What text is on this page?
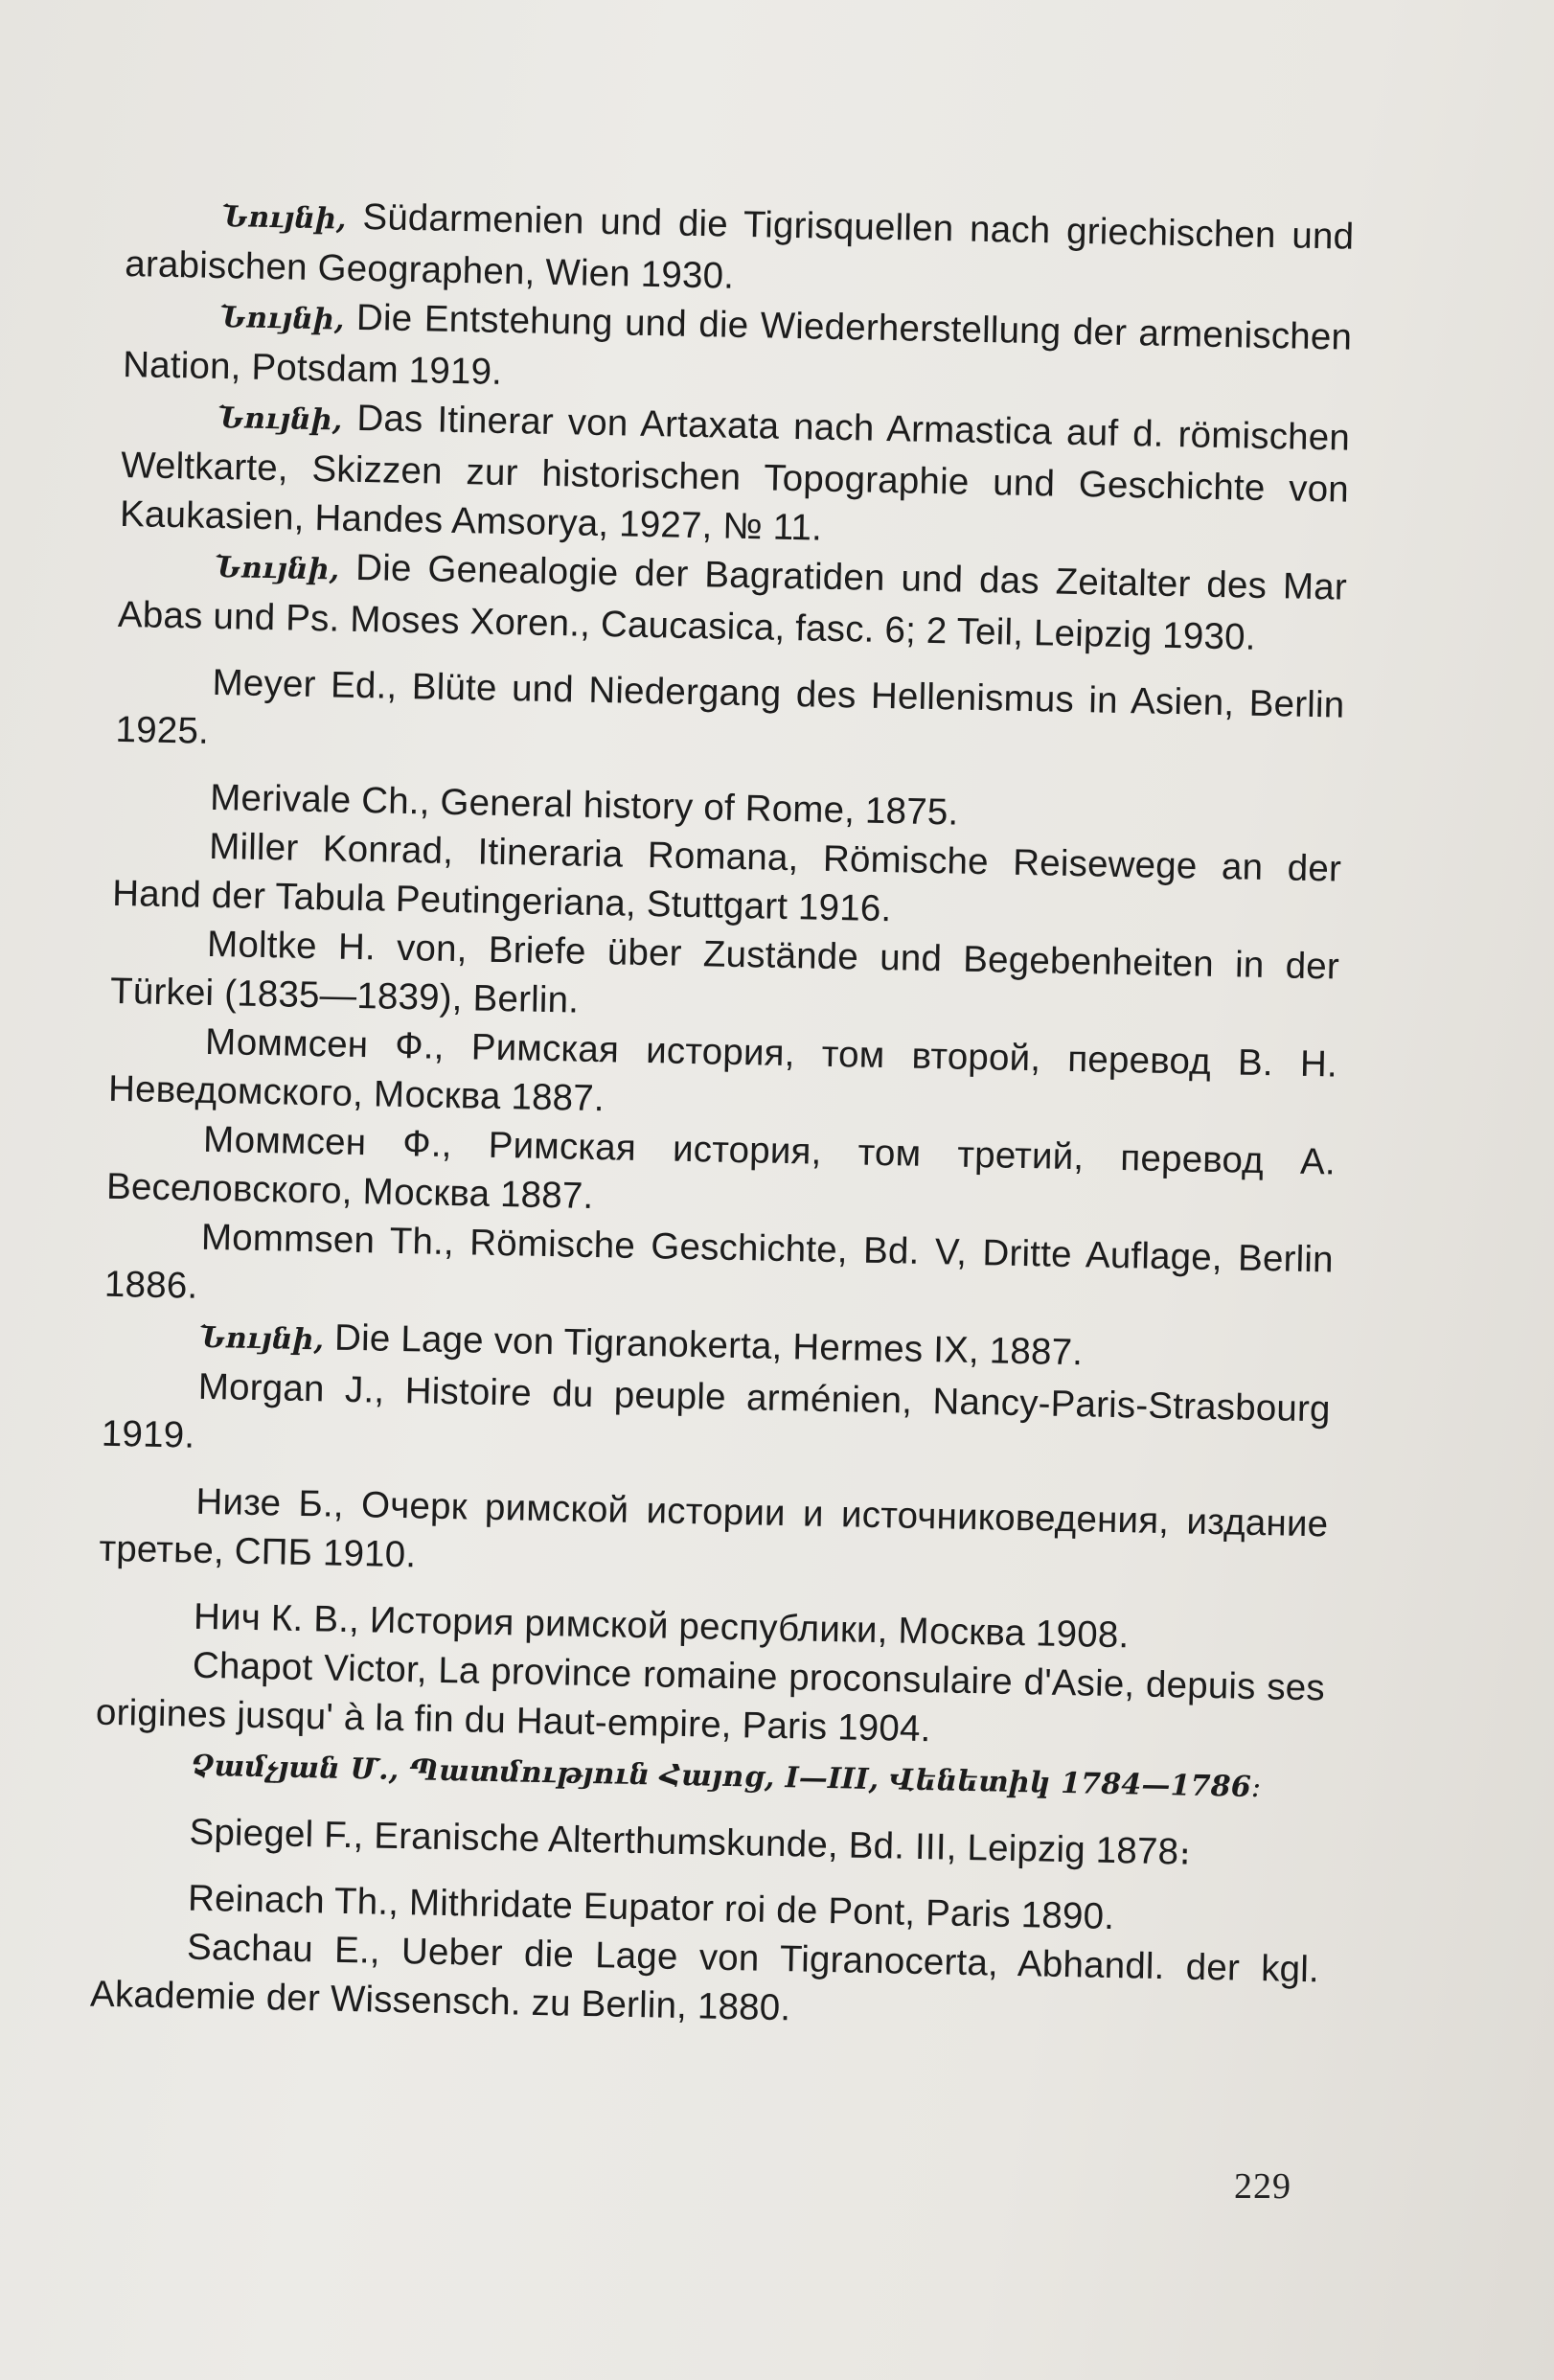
Նույնի, Südarmenien und die Tigrisquellen nach griechischen und arabischen Geographen, Wien 1930.

Նույնի, Die Entstehung und die Wiederherstellung der armenischen Nation, Potsdam 1919.

Նույնի, Das Itinerar von Artaxata nach Armastica auf d. römischen Weltkarte, Skizzen zur historischen Topographie und Geschichte von Kaukasien, Handes Amsorya, 1927, № 11.

Նույնի, Die Genealogie der Bagratiden und das Zeitalter des Mar Abas und Ps. Moses Xoren., Caucasica, fasc. 6; 2 Teil, Leipzig 1930.

Meyer Ed., Blüte und Niedergang des Hellenismus in Asien, Berlin 1925.

Merivale Ch., General history of Rome, 1875.

Miller Konrad, Itineraria Romana, Römische Reisewege an der Hand der Tabula Peutingeriana, Stuttgart 1916.

Moltke H. von, Briefe über Zustände und Begebenheiten in der Türkei (1835—1839), Berlin.

Моммсен Ф., Римская история, том второй, перевод В. Н. Неведомского, Москва 1887.

Моммсен Ф., Римская история, том третий, перевод А. Веселовского, Москва 1887.

Mommsen Th., Römische Geschichte, Bd. V, Dritte Auflage, Berlin 1886.

Նույնի, Die Lage von Tigranokerta, Hermes IX, 1887.

Morgan J., Histoire du peuple arménien, Nancy-Paris-Strasbourg 1919.

Низе Б., Очерк римской истории и источниковедения, издание третье, СПБ 1910.

Нич К. В., История римской республики, Москва 1908.

Chapot Victor, La province romaine proconsulaire d'Asie, depuis ses origines jusqu' à la fin du Haut-empire, Paris 1904.

Չամչյան Մ., Պատմություն Հայոց, I—III, Վենետիկ 1784—1786։

Spiegel F., Eranische Alterthumskunde, Bd. III, Leipzig 1878։

Reinach Th., Mithridate Eupator roi de Pont, Paris 1890.

Sachau E., Ueber die Lage von Tigranocerta, Abhandl. der kgl. Akademie der Wissensch. zu Berlin, 1880.

229
